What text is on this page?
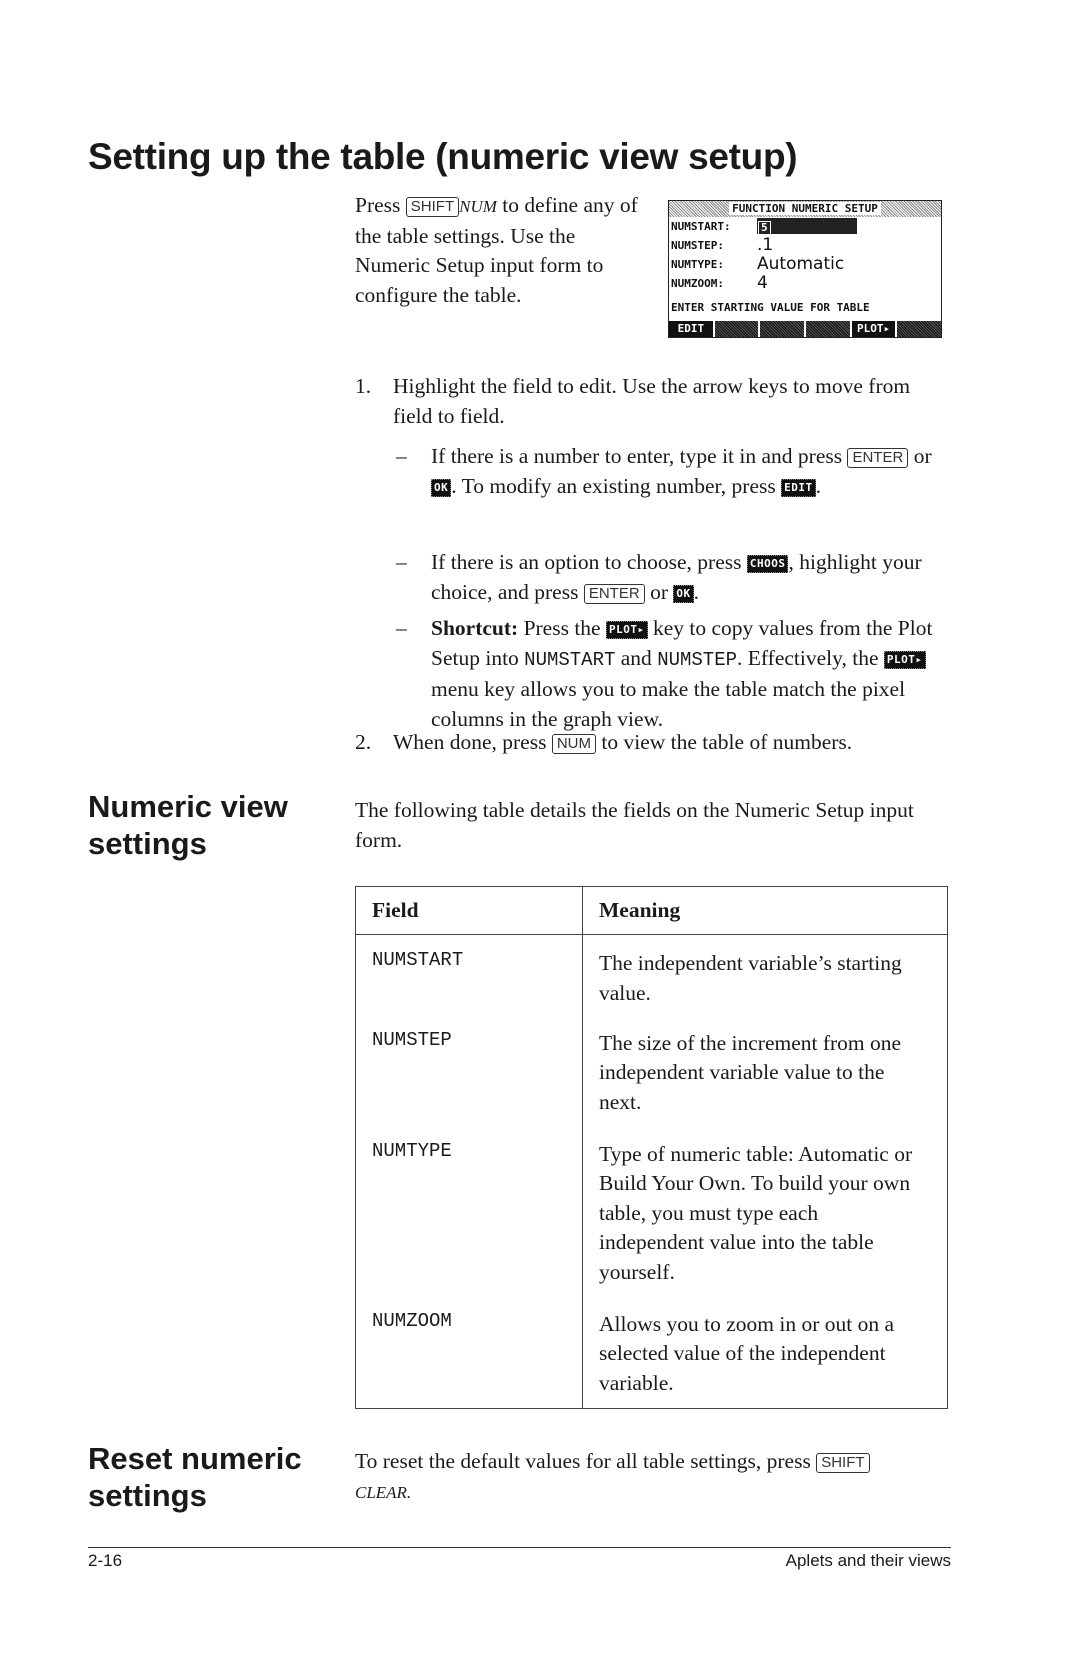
Setting up the table (numeric view setup)
Press SHIFT NUM to define any of the table settings. Use the Numeric Setup input form to configure the table.
FUNCTION NUMERIC SETUP
NUMSTART:	5
NUMSTEP:	.1
NUMTYPE:	Automatic
NUMZOOM:	4
ENTER STARTING VALUE FOR TABLE
EDIT	PLOT▸
1. Highlight the field to edit. Use the arrow keys to move from field to field.
– If there is a number to enter, type it in and press ENTER or OK . To modify an existing number, press EDIT .
– If there is an option to choose, press CHOOS , highlight your choice, and press ENTER or OK .
– Shortcut: Press the PLOT▸ key to copy values from the Plot Setup into NUMSTART and NUMSTEP. Effectively, the PLOT▸ menu key allows you to make the table match the pixel columns in the graph view.
2. When done, press NUM to view the table of numbers.
Numeric view settings
The following table details the fields on the Numeric Setup input form.
Field	Meaning
NUMSTART	The independent variable’s starting value.
NUMSTEP	The size of the increment from one independent variable value to the next.
NUMTYPE	Type of numeric table: Automatic or Build Your Own. To build your own table, you must type each independent value into the table yourself.
NUMZOOM	Allows you to zoom in or out on a selected value of the independent variable.
Reset numeric settings
To reset the default values for all table settings, press SHIFTCLEAR.
2-16	Aplets and their views
